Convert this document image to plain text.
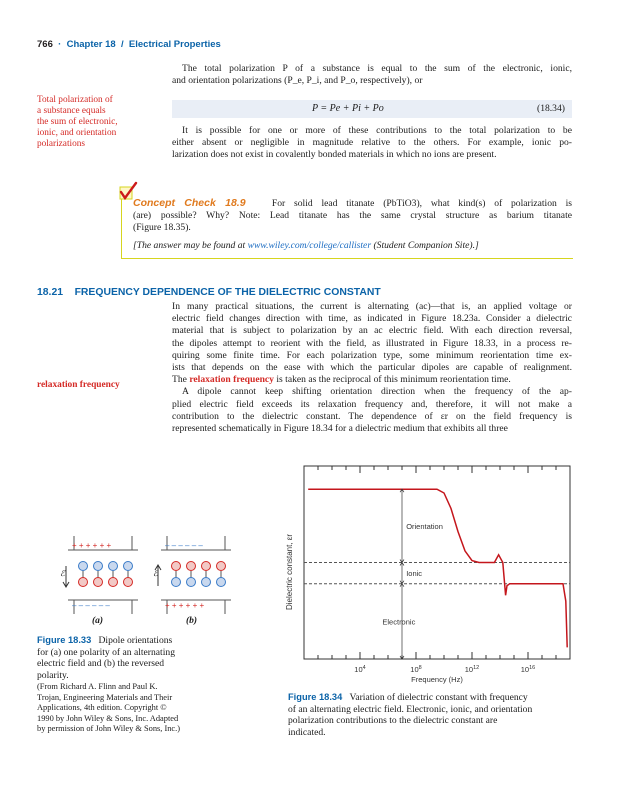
766 · Chapter 18 / Electrical Properties
The total polarization P of a substance is equal to the sum of the electronic, ionic,
and orientation polarizations (P_e, P_i, and P_o, respectively), or
Total polarization of
a substance equals
the sum of electronic,
ionic, and orientation
polarizations
P = Pe + Pi + Po	(18.34)
It is possible for one or more of these contributions to the total polarization to be
either absent or negligible in magnitude relative to the others. For example, ionic po-
larization does not exist in covalently bonded materials in which no ions are present.
Concept Check 18.9	For solid lead titanate (PbTiO3), what kind(s) of polarization is
(are) possible? Why? Note: Lead titanate has the same crystal structure as barium titanate
(Figure 18.35).
[The answer may be found at www.wiley.com/college/callister (Student Companion Site).]
18.21 FREQUENCY DEPENDENCE OF THE DIELECTRIC CONSTANT
In many practical situations, the current is alternating (ac)—that is, an applied voltage or
electric field changes direction with time, as indicated in Figure 18.23a. Consider a dielectric
material that is subject to polarization by an ac electric field. With each direction reversal,
the dipoles attempt to reorient with the field, as illustrated in Figure 18.33, in a process re-
quiring some finite time. For each polarization type, some minimum reorientation time ex-
ists that depends on the ease with which the particular dipoles are capable of realignment.
The relaxation frequency is taken as the reciprocal of this minimum reorientation time.
A dipole cannot keep shifting orientation direction when the frequency of the ap-
plied electric field exceeds its relaxation frequency and, therefore, it will not make a
contribution to the dielectric constant. The dependence of εr on the field frequency is
represented schematically in Figure 18.34 for a dielectric medium that exhibits all three
relaxation frequency
+ + + + + +
– – – – – –
– – – – – –
+ + + + + +
ℰ	ℰ
(a)	(b)
Figure 18.33 Dipole orientations
for (a) one polarity of an alternating
electric field and (b) the reversed
polarity.
(From Richard A. Flinn and Paul K.
Trojan, Engineering Materials and Their
Applications, 4th edition. Copyright ©
1990 by John Wiley & Sons, Inc. Adapted
by permission of John Wiley & Sons, Inc.)
$10^4$	$10^8$	$10^{12}$	$10^{16}$
Orientation
Ionic
Electronic
Dielectric constant, εr
Frequency (Hz)
Figure 18.34 Variation of dielectric constant with frequency
of an alternating electric field. Electronic, ionic, and orientation
polarization contributions to the dielectric constant are
indicated.
